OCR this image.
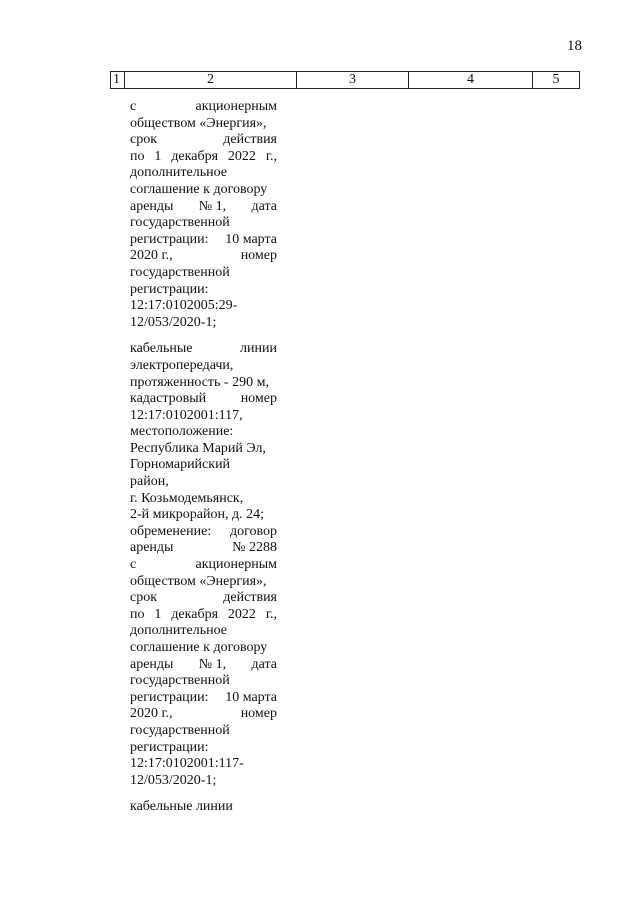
18
1	2	3	4	5
с	акционерным
обществом «Энергия»,
срок	действия
по 1 декабря 2022 г.,
дополнительное
соглашение к договору
аренды № 1, дата
государственной
регистрации: 10 марта
2020 г.,	номер
государственной
регистрации:
12:17:0102005:29-
12/053/2020-1;
кабельные	линии
электропередачи,
протяженность - 290 м,
кадастровый номер
12:17:0102001:117,
местоположение:
Республика Марий Эл,
Горномарийский
район,
г. Козьмодемьянск,
2-й микрорайон, д. 24;
обременение: договор
аренды	№ 2288
с	акционерным
обществом «Энергия»,
срок	действия
по 1 декабря 2022 г.,
дополнительное
соглашение к договору
аренды № 1, дата
государственной
регистрации: 10 марта
2020 г.,	номер
государственной
регистрации:
12:17:0102001:117-
12/053/2020-1;
кабельные линии
